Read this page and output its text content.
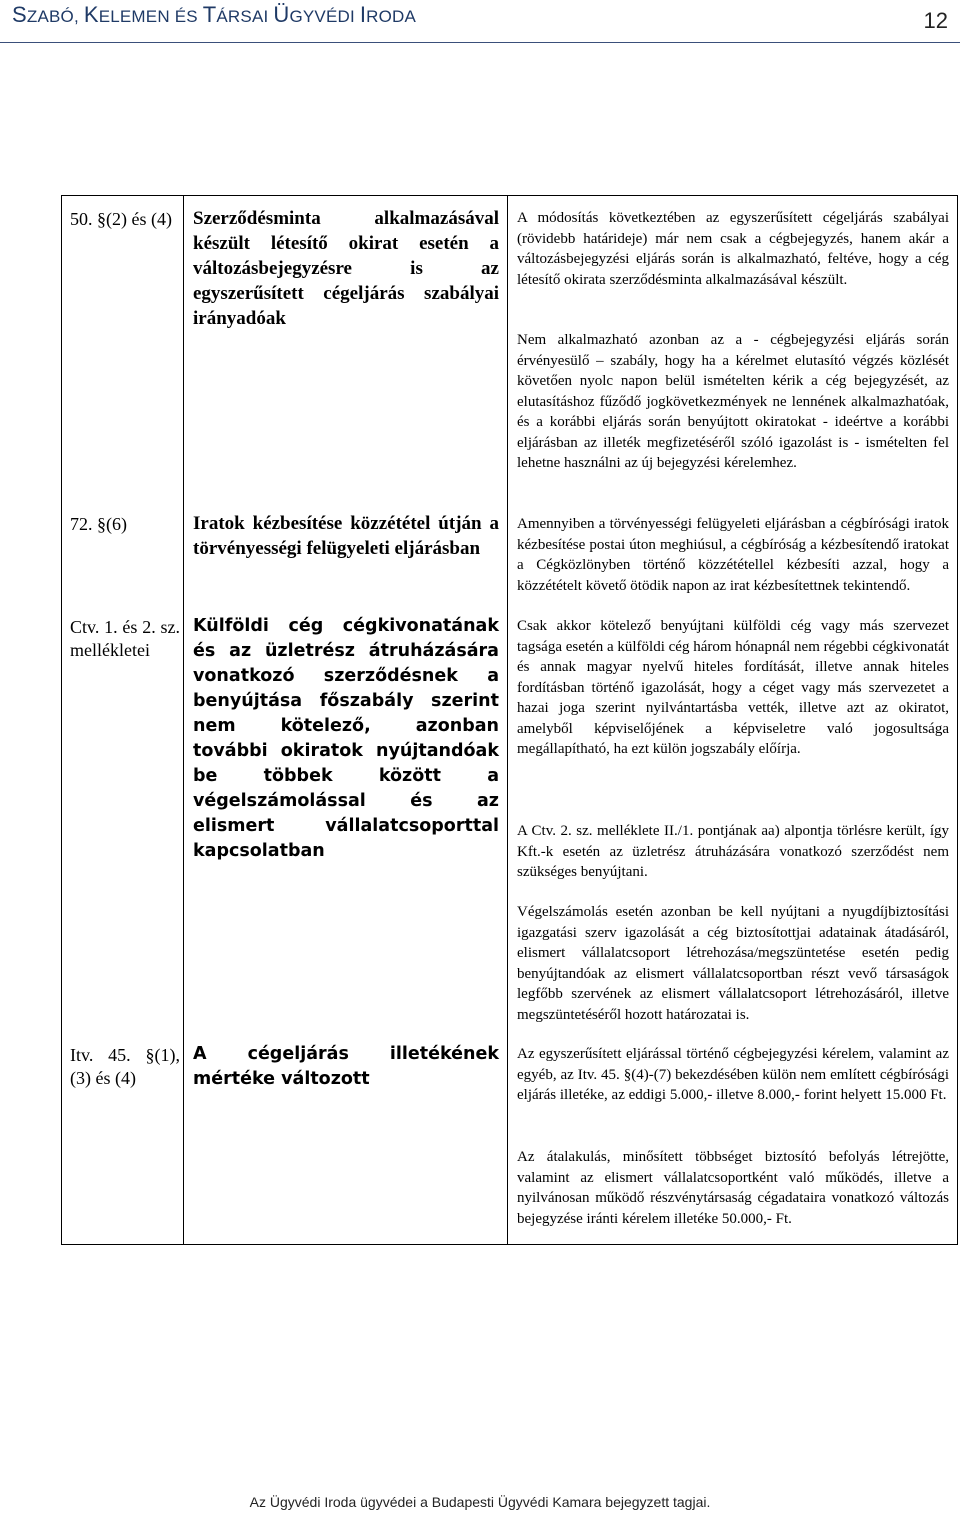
SZABÓ, KELEMEN ÉS TÁRSAI ÜGYVÉDI IRODA	12
50. §(2) és (4)
72. §(6)
Ctv. 1. és 2. sz. mellékletei
Itv. 45. §(1), (3) és (4)
Szerződésminta alkalmazásával készült létesítő okirat esetén a változásbejegyzésre is az egyszerűsített cégeljárás szabályai irányadóak
Iratok kézbesítése közzététel útján a törvényességi felügyeleti eljárásban
Külföldi cég cégkivonatának és az üzletrész átruházására vonatkozó szerződésnek a benyújtása főszabály szerint nem kötelező, azonban további okiratok nyújtandóak be többek között a végelszámolással és az elismert vállalatcsoporttal kapcsolatban
A cégeljárás illetékének mértéke változott
A módosítás következtében az egyszerűsített cégeljárás szabályai (rövidebb határideje) már nem csak a cégbejegyzés, hanem akár a változásbejegyzési eljárás során is alkalmazható, feltéve, hogy a cég létesítő okirata szerződésminta alkalmazásával készült.
Nem alkalmazható azonban az a - cégbejegyzési eljárás során érvényesülő – szabály, hogy ha a kérelmet elutasító végzés közlését követően nyolc napon belül ismételten kérik a cég bejegyzését, az elutasításhoz fűződő jogkövetkezmények ne lennének alkalmazhatóak, és a korábbi eljárás során benyújtott okiratokat - ideértve a korábbi eljárásban az illeték megfizetéséről szóló igazolást is - ismételten fel lehetne használni az új bejegyzési kérelemhez.
Amennyiben a törvényességi felügyeleti eljárásban a cégbírósági iratok kézbesítése postai úton meghiúsul, a cégbíróság a kézbesítendő iratokat a Cégközlönyben történő közzététellel kézbesíti azzal, hogy a közzétételt követő ötödik napon az irat kézbesítettnek tekintendő.
Csak akkor kötelező benyújtani külföldi cég vagy más szervezet tagsága esetén a külföldi cég három hónapnál nem régebbi cégkivonatát és annak magyar nyelvű hiteles fordítását, illetve annak hiteles fordításban történő igazolását, hogy a céget vagy más szervezetet a hazai joga szerint nyilvántartásba vették, illetve azt az okiratot, amelyből képviselőjének a képviseletre való jogosultsága megállapítható, ha ezt külön jogszabály előírja.
A Ctv. 2. sz. melléklete II./1. pontjának aa) alpontja törlésre került, így Kft.-k esetén az üzletrész átruházására vonatkozó szerződést nem szükséges benyújtani.
Végelszámolás esetén azonban be kell nyújtani a nyugdíjbiztosítási igazgatási szerv igazolását a cég biztosítottjai adatainak átadásáról, elismert vállalatcsoport létrehozása/megszüntetése esetén pedig benyújtandóak az elismert vállalatcsoportban részt vevő társaságok legfőbb szervének az elismert vállalatcsoport létrehozásáról, illetve megszüntetéséről hozott határozatai is.
Az egyszerűsített eljárással történő cégbejegyzési kérelem, valamint az egyéb, az Itv. 45. §(4)-(7) bekezdésében külön nem említett cégbírósági eljárás illetéke, az eddigi 5.000,- illetve 8.000,- forint helyett 15.000 Ft.
Az átalakulás, minősített többséget biztosító befolyás létrejötte, valamint az elismert vállalatcsoportként való működés, illetve a nyilvánosan működő részvénytársaság cégadataira vonatkozó változás bejegyzése iránti kérelem illetéke 50.000,- Ft.
Az Ügyvédi Iroda ügyvédei a Budapesti Ügyvédi Kamara bejegyzett tagjai.
